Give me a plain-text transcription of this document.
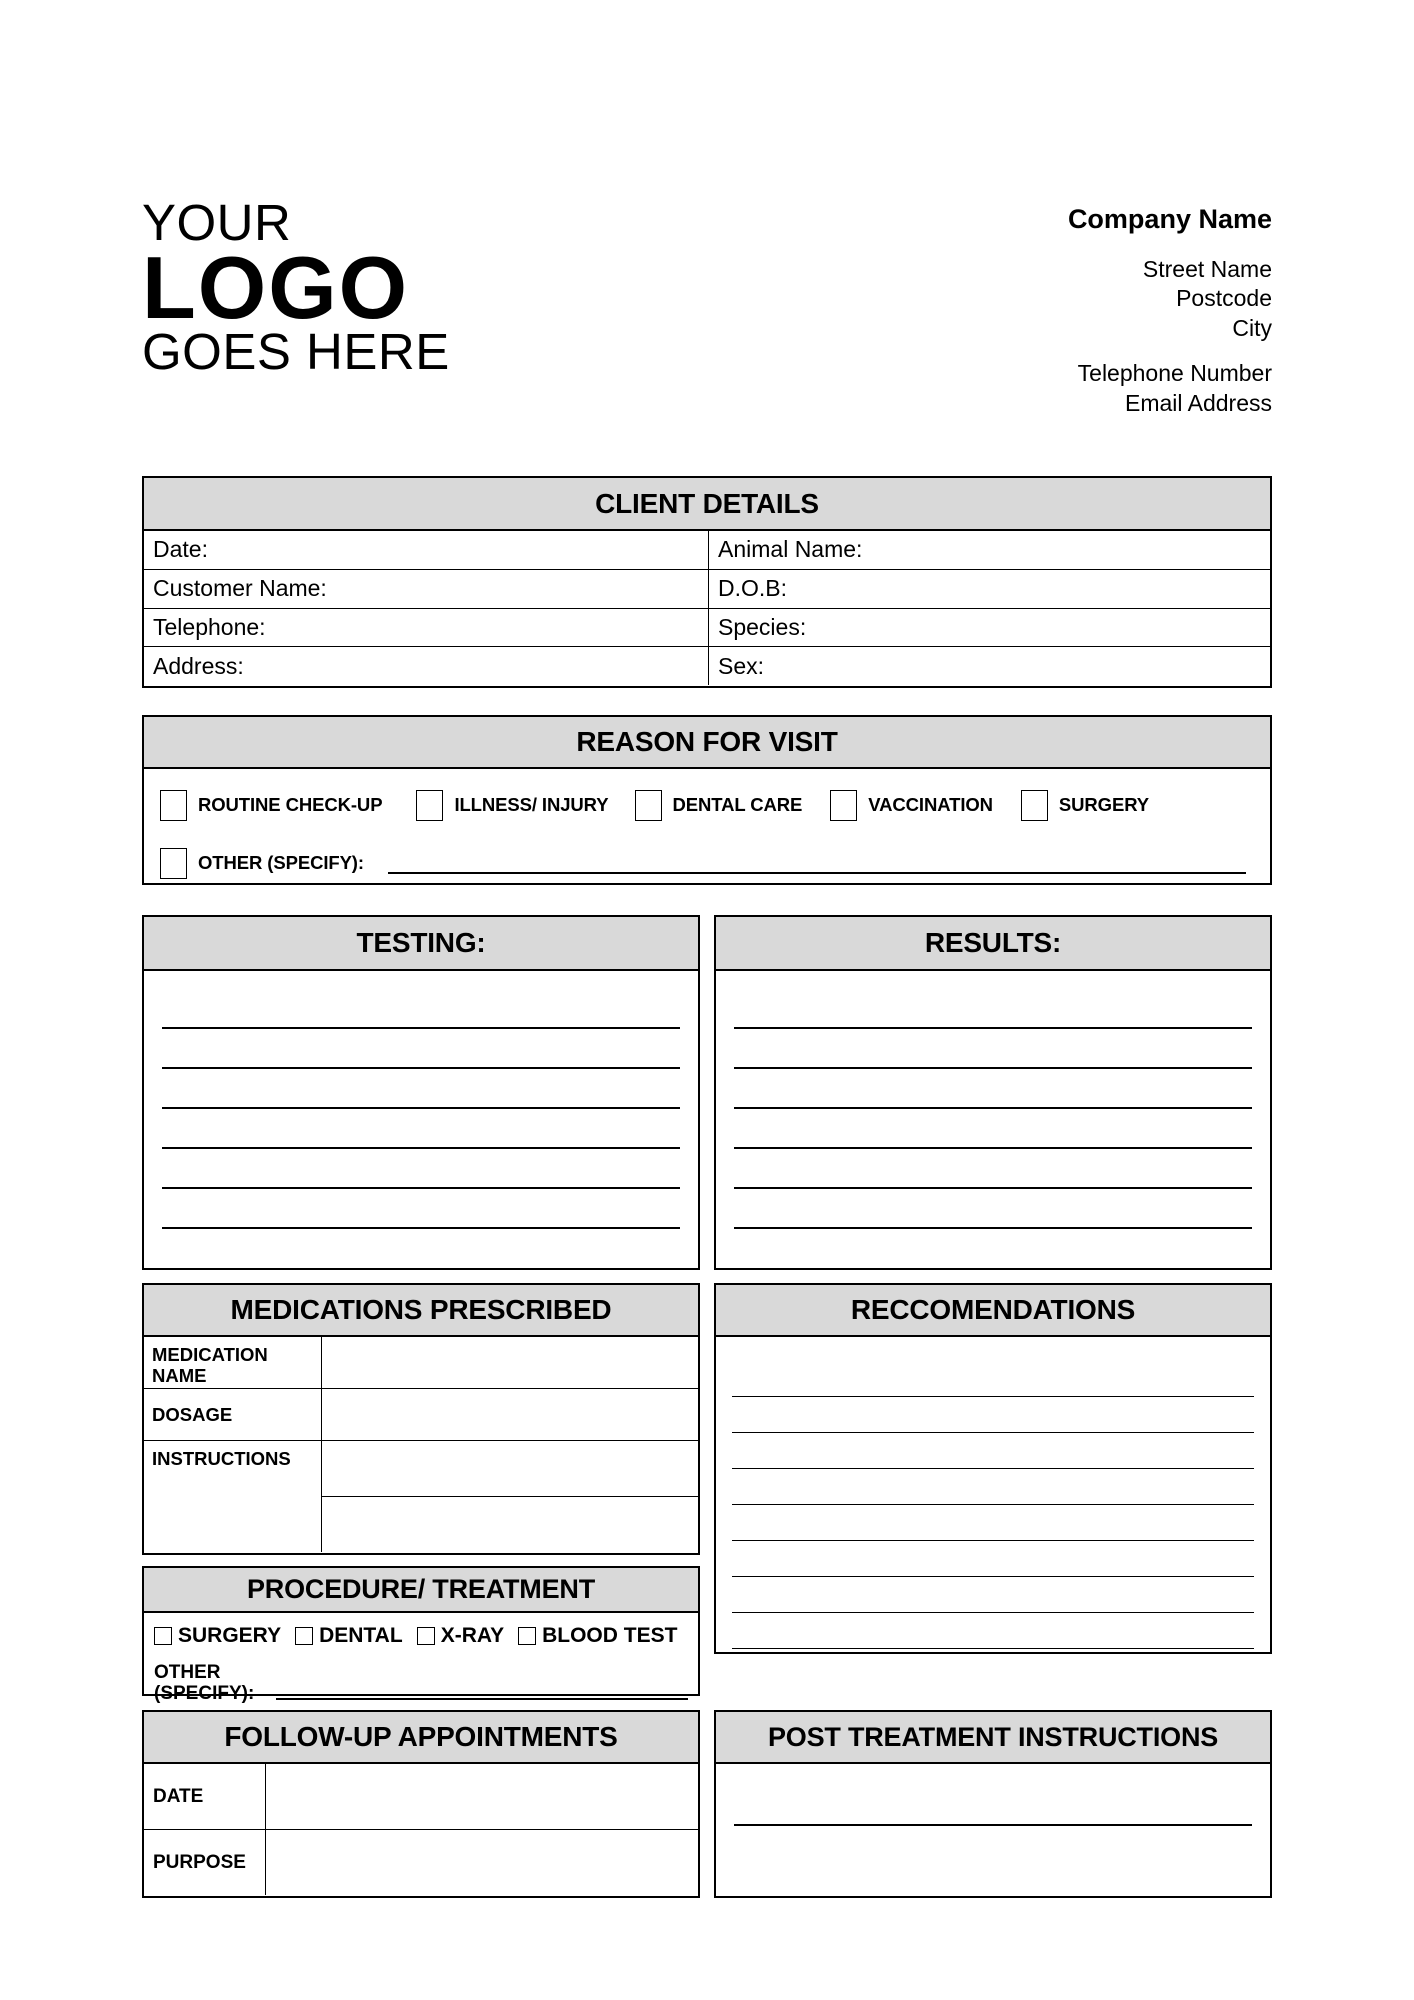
YOUR
LOGO
GOES HERE
Company Name
Street Name
Postcode
City
Telephone Number
Email Address
CLIENT DETAILS
Date:	Animal Name:
Customer Name:	D.O.B:
Telephone:	Species:
Address:	Sex:
REASON FOR VISIT
ROUTINE CHECK-UP	ILLNESS/ INJURY	DENTAL CARE	VACCINATION	SURGERY
OTHER (SPECIFY):
TESTING:	RESULTS:
MEDICATIONS PRESCRIBED
MEDICATION
NAME
DOSAGE
INSTRUCTIONS
RECCOMENDATIONS
PROCEDURE/ TREATMENT
SURGERY DENTAL X-RAY BLOOD TEST
OTHER
(SPECIFY):
FOLLOW-UP APPOINTMENTS
DATE
PURPOSE
POST TREATMENT INSTRUCTIONS
